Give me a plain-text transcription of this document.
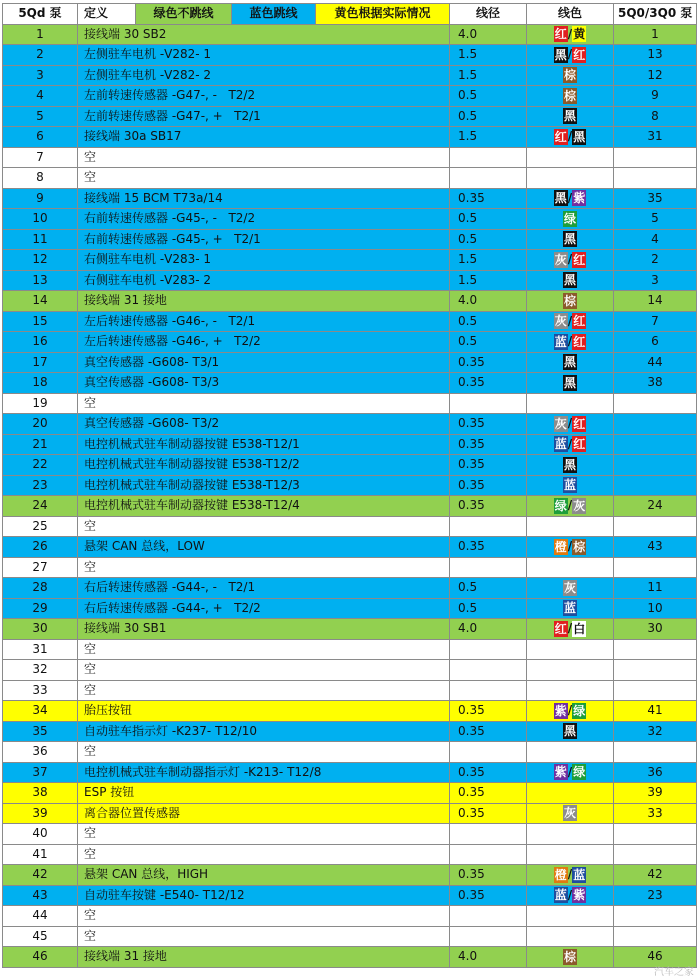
5Qd 泵	定义	绿色不跳线	蓝色跳线	黄色根据实际情况	线径	线色	5Q0/3Q0 泵
1	接线端 30 SB2				4.0	红/黄	1
2	左侧驻车电机 -V282- 1				1.5	黑/红	13
3	左侧驻车电机 -V282- 2				1.5	棕	12
4	左前转速传感器 -G47-, -   T2/2				0.5	棕	9
5	左前转速传感器 -G47-, +   T2/1				0.5	黑	8
6	接线端 30a SB17				1.5	红/黑	31
7	空						
8	空						
9	接线端 15 BCM T73a/14				0.35	黑/紫	35
10	右前转速传感器 -G45-, -   T2/2				0.5	绿	5
11	右前转速传感器 -G45-, +   T2/1				0.5	黑	4
12	右侧驻车电机 -V283- 1				1.5	灰/红	2
13	右侧驻车电机 -V283- 2				1.5	黑	3
14	接线端 31 接地				4.0	棕	14
15	左后转速传感器 -G46-, -   T2/1				0.5	灰/红	7
16	左后转速传感器 -G46-, +   T2/2				0.5	蓝/红	6
17	真空传感器 -G608- T3/1				0.35	黑	44
18	真空传感器 -G608- T3/3				0.35	黑	38
19	空						
20	真空传感器 -G608- T3/2				0.35	灰/红	
21	电控机械式驻车制动器按键 E538-T12/1				0.35	蓝/红	
22	电控机械式驻车制动器按键 E538-T12/2				0.35	黑	
23	电控机械式驻车制动器按键 E538-T12/3				0.35	蓝	
24	电控机械式驻车制动器按键 E538-T12/4				0.35	绿/灰	24
25	空						
26	悬架 CAN 总线，LOW				0.35	橙/棕	43
27	空						
28	右后转速传感器 -G44-, -   T2/1				0.5	灰	11
29	右后转速传感器 -G44-, +   T2/2				0.5	蓝	10
30	接线端 30 SB1				4.0	红/白	30
31	空						
32	空						
33	空						
34	胎压按钮				0.35	紫/绿	41
35	自动驻车指示灯 -K237- T12/10				0.35	黑	32
36	空						
37	电控机械式驻车制动器指示灯 -K213- T12/8				0.35	紫/绿	36
38	ESP 按钮				0.35		39
39	离合器位置传感器				0.35	灰	33
40	空						
41	空						
42	悬架 CAN 总线，HIGH				0.35	橙/蓝	42
43	自动驻车按键 -E540- T12/12				0.35	蓝/紫	23
44	空						
45	空						
46	接线端 31 接地				4.0	棕	46
汽车之家
